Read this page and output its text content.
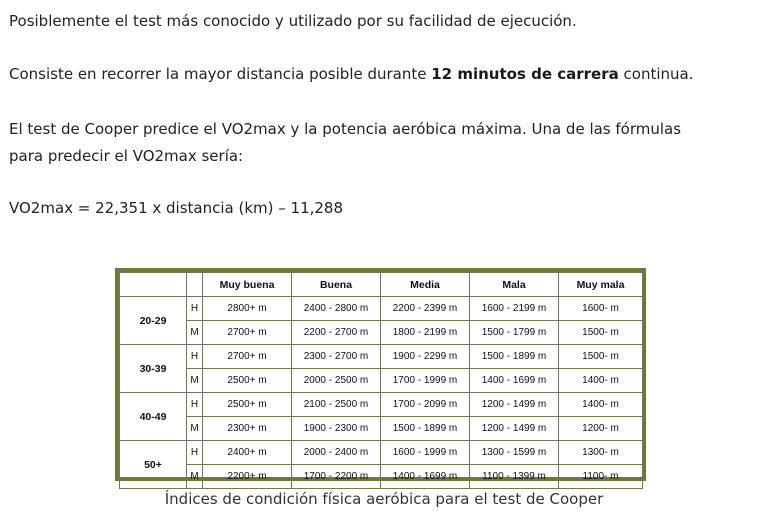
Posiblemente el test más conocido y utilizado por su facilidad de ejecución.

Consiste en recorrer la mayor distancia posible durante 12 minutos de carrera continua.

El test de Cooper predice el VO2max y la potencia aeróbica máxima. Una de las fórmulas
para predecir el VO2max sería:

VO2max = 22,351 x distancia (km) – 11,288

		Muy buena	Buena	Media	Mala	Muy mala
20-29	H	2800+ m	2400 - 2800 m	2200 - 2399 m	1600 - 2199 m	1600- m
	M	2700+ m	2200 - 2700 m	1800 - 2199 m	1500 - 1799 m	1500- m
30-39	H	2700+ m	2300 - 2700 m	1900 - 2299 m	1500 - 1899 m	1500- m
	M	2500+ m	2000 - 2500 m	1700 - 1999 m	1400 - 1699 m	1400- m
40-49	H	2500+ m	2100 - 2500 m	1700 - 2099 m	1200 - 1499 m	1400- m
	M	2300+ m	1900 - 2300 m	1500 - 1899 m	1200 - 1499 m	1200- m
50+	H	2400+ m	2000 - 2400 m	1600 - 1999 m	1300 - 1599 m	1300- m
	M	2200+ m	1700 - 2200 m	1400 - 1699 m	1100 - 1399 m	1100- m

Índices de condición física aeróbica para el test de Cooper
